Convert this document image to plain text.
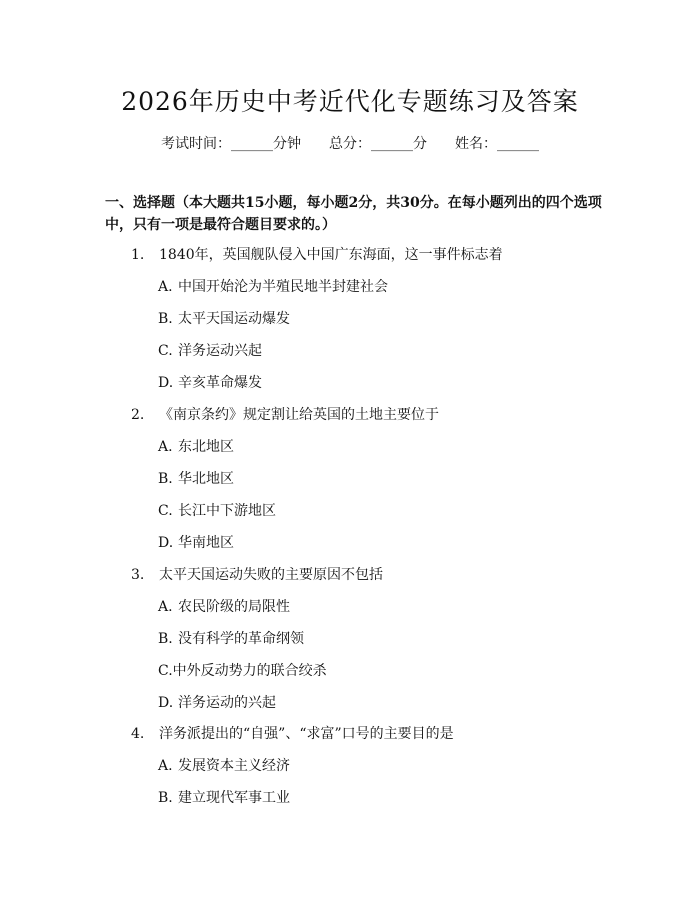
2026年历史中考近代化专题练习及答案
考试时间：______分钟 总分：______分 姓名：______
一、选择题（本大题共15小题，每小题2分，共30分。在每小题列出的四个选项中，只有一项是最符合题目要求的。）
1. 1840年，英国舰队侵入中国广东海面，这一事件标志着
A. 中国开始沦为半殖民地半封建社会
B. 太平天国运动爆发
C. 洋务运动兴起
D. 辛亥革命爆发
2. 《南京条约》规定割让给英国的土地主要位于
A. 东北地区
B. 华北地区
C. 长江中下游地区
D. 华南地区
3. 太平天国运动失败的主要原因不包括
A. 农民阶级的局限性
B. 没有科学的革命纲领
C.中外反动势力的联合绞杀
D. 洋务运动的兴起
4. 洋务派提出的“自强”、“求富”口号的主要目的是
A. 发展资本主义经济
B. 建立现代军事工业
